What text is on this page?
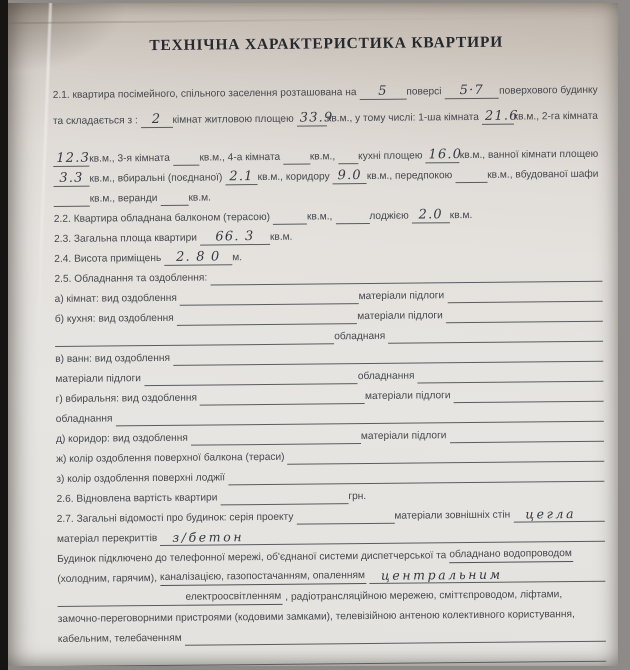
ТЕХНІЧНА ХАРАКТЕРИСТИКА КВАРТИРИ
2.1. квартира посімейного, спільного заселення розташована на	5	поверсі	5·7	поверхового будинку
та складається з :	2	кімнат житловою площею 33.9
кв.м., у тому числі: 1-ша кімната 21.6
кв.м., 2-га кімната
12.3 кв.м., 3-я кімната	кв.м., 4-а кімната	кв.м., кухні площею 16.0
кв.м., ванної кімнати площею
3.3 кв.м., вбиральні (поєднаної) 2.1 кв.м., коридору 9.0 кв.м., передпокою	кв.м., вбудованої шафи
кв.м., веранди	кв.м.
2.2. Квартира обладнана балконом (терасою)	кв.м.,	лоджією 2.0 кв.м.
2.3. Загальна площа квартири	66. 3	кв.м.
2.4. Висота приміщень	2. 8 0	м.
2.5. Обладнання та оздоблення:
а) кімнат: вид оздоблення	матеріали підлоги
б) кухня: вид оздоблення	матеріали підлоги
обладнаня
в) ванн: вид оздоблення
матеріали підлоги	обладнання
г) вбиральня: вид оздоблення	матеріали підлоги
обладнання
д) коридор: вид оздоблення	матеріали підлоги
ж) колір оздоблення поверхної балкона (тераси)
з) колір оздоблення поверхні лоджії
2.6. Відновлена вартість квартири	грн.
2.7. Загальні відомості про будинок: серія проекту	матеріали зовнішніх стін	цегла
матеріал перекриттів	з/бетон
Будинок підключено до телефонної мережі, об'єднаної системи диспетчерської та обладнано водопроводом
(холодним, гарячим), каналізацією, газопостачанням, опаленням	центральним
електроосвітленням , радіотрансляційною мережею, сміттєпроводом, ліфтами,
замочно-переговорними пристроями (кодовими замками), телевізійною антеною колективного користування,
кабельним, телебаченням
